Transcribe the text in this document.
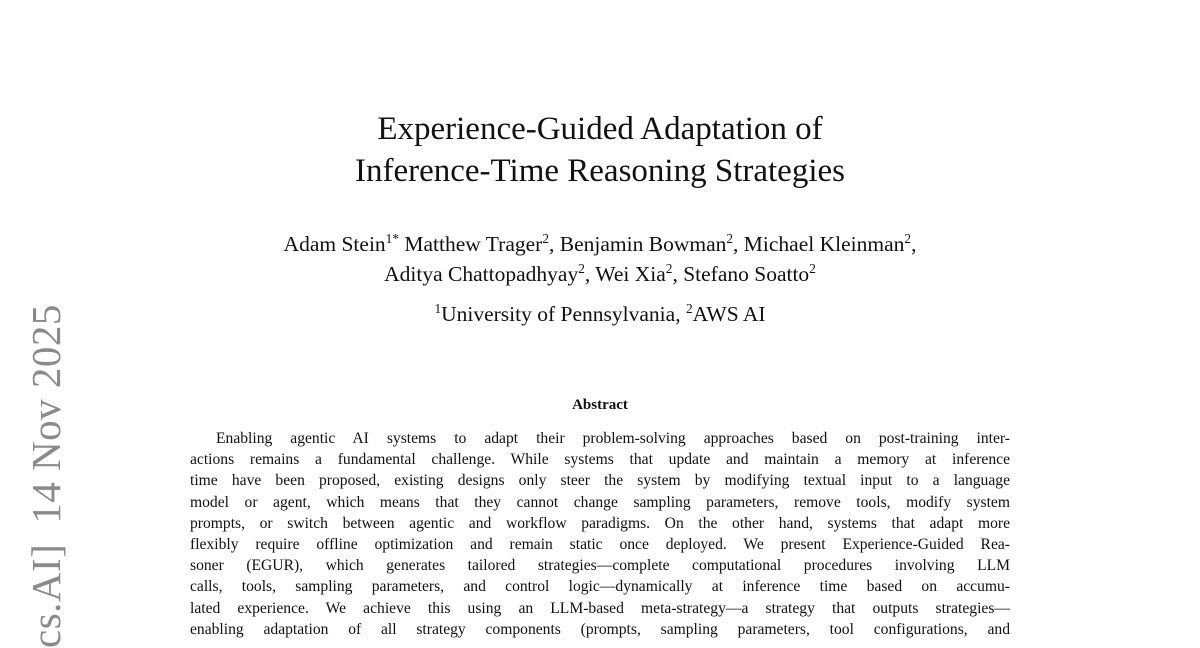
cs.AI]14 Nov 2025
Experience-Guided Adaptation of
Inference-Time Reasoning Strategies
Adam Stein$^{1*}$ Matthew Trager$^2$, Benjamin Bowman$^2$, Michael Kleinman$^2$,
Aditya Chattopadhyay$^2$, Wei Xia$^2$, Stefano Soatto$^2$
$^1$University of Pennsylvania, $^2$AWS AI
Abstract
Enabling agentic AI systems to adapt their problem-solving approaches based on post-training inter-
actions remains a fundamental challenge. While systems that update and maintain a memory at inference
time have been proposed, existing designs only steer the system by modifying textual input to a language
model or agent, which means that they cannot change sampling parameters, remove tools, modify system
prompts, or switch between agentic and workflow paradigms. On the other hand, systems that adapt more
flexibly require offline optimization and remain static once deployed. We present Experience-Guided Rea-
soner (EGUR), which generates tailored strategies—complete computational procedures involving LLM
calls, tools, sampling parameters, and control logic—dynamically at inference time based on accumu-
lated experience. We achieve this using an LLM-based meta-strategy—a strategy that outputs strategies—
enabling adaptation of all strategy components (prompts, sampling parameters, tool configurations, and
